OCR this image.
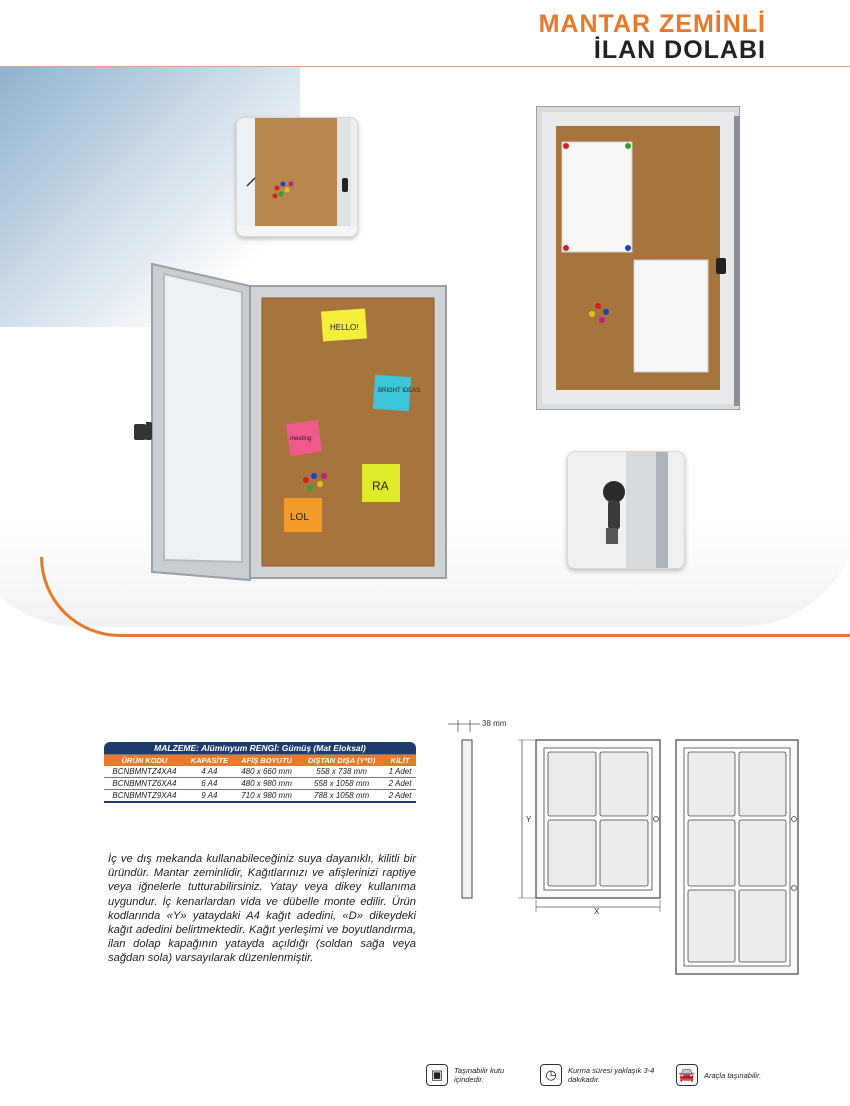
MANTAR ZEMİNLİ
İLAN DOLABI
HELLO!
BRIGHT IDEAS
meeting
RA
LOL
MALZEME: Alüminyum RENGİ: Gümüş (Mat Eloksal)				
ÜRÜN KODU	KAPASİTE	AFİŞ BOYUTU	DIŞTAN DIŞA (Y*D)	KİLİT
BCNBMNTZ4XA4	4 A4	480 x 660 mm	558 x 738 mm	1 Adet
BCNBMNTZ6XA4	6 A4	480 x 980 mm	558 x 1058 mm	2 Adet
BCNBMNTZ9XA4	9 A4	710 x 980 mm	788 x 1058 mm	2 Adet

İç ve dış mekanda kullanabileceğiniz suya dayanıklı, kilitli bir üründür. Mantar zeminlidir, Kağıtlarınızı ve afişlerinizi raptiye veya iğnelerle tutturabilirsiniz. Yatay veya dikey kullanıma uygundur. İç kenarlardan vida ve dübelle monte edilir. Ürün kodlarında «Y» yataydaki A4 kağıt adedini, «D» dikeydeki kağıt adedini belirtmektedir. Kağıt yerleşimi ve boyutlandırma, ilan dolap kapağının yatayda açıldığı (soldan sağa veya sağdan sola) varsayılarak düzenlenmiştir.

38 mm
Y
X
▣	Taşınabilir kutu içindedir.	◷	Kurma süresi yaklaşık 3-4 dakikadır.	🚘	Araçla taşınabilir.
